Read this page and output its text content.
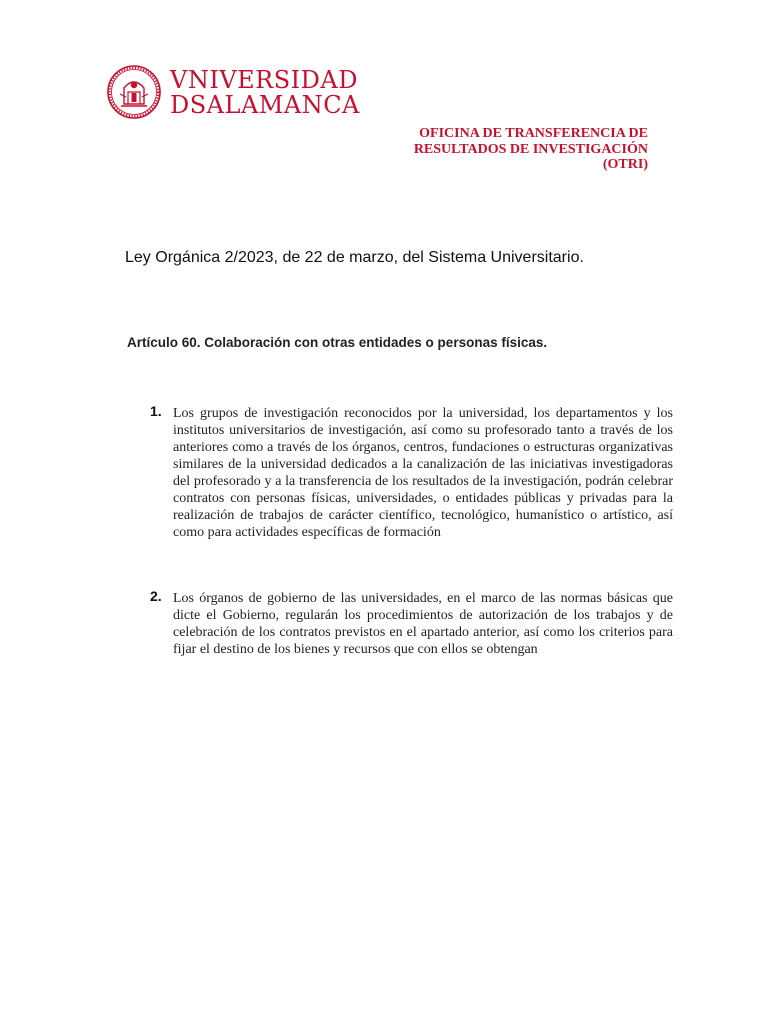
VNIVERSIDAD
DSALAMANCA
OFICINA DE TRANSFERENCIA DE
RESULTADOS DE INVESTIGACIÓN
(OTRI)
Ley Orgánica 2/2023, de 22 de marzo, del Sistema Universitario.
Artículo 60. Colaboración con otras entidades o personas físicas.
1. Los grupos de investigación reconocidos por la universidad, los departamentos y los institutos universitarios de investigación, así como su profesorado tanto a través de los anteriores como a través de los órganos, centros, fundaciones o estructuras organizativas similares de la universidad dedicados a la canalización de las iniciativas investigadoras del profesorado y a la transferencia de los resultados de la investigación, podrán celebrar contratos con personas físicas, universidades, o entidades públicas y privadas para la realización de trabajos de carácter científico, tecnológico, humanístico o artístico, así como para actividades específicas de formación

2. Los órganos de gobierno de las universidades, en el marco de las normas básicas que dicte el Gobierno, regularán los procedimientos de autorización de los trabajos y de celebración de los contratos previstos en el apartado anterior, así como los criterios para fijar el destino de los bienes y recursos que con ellos se obtengan
